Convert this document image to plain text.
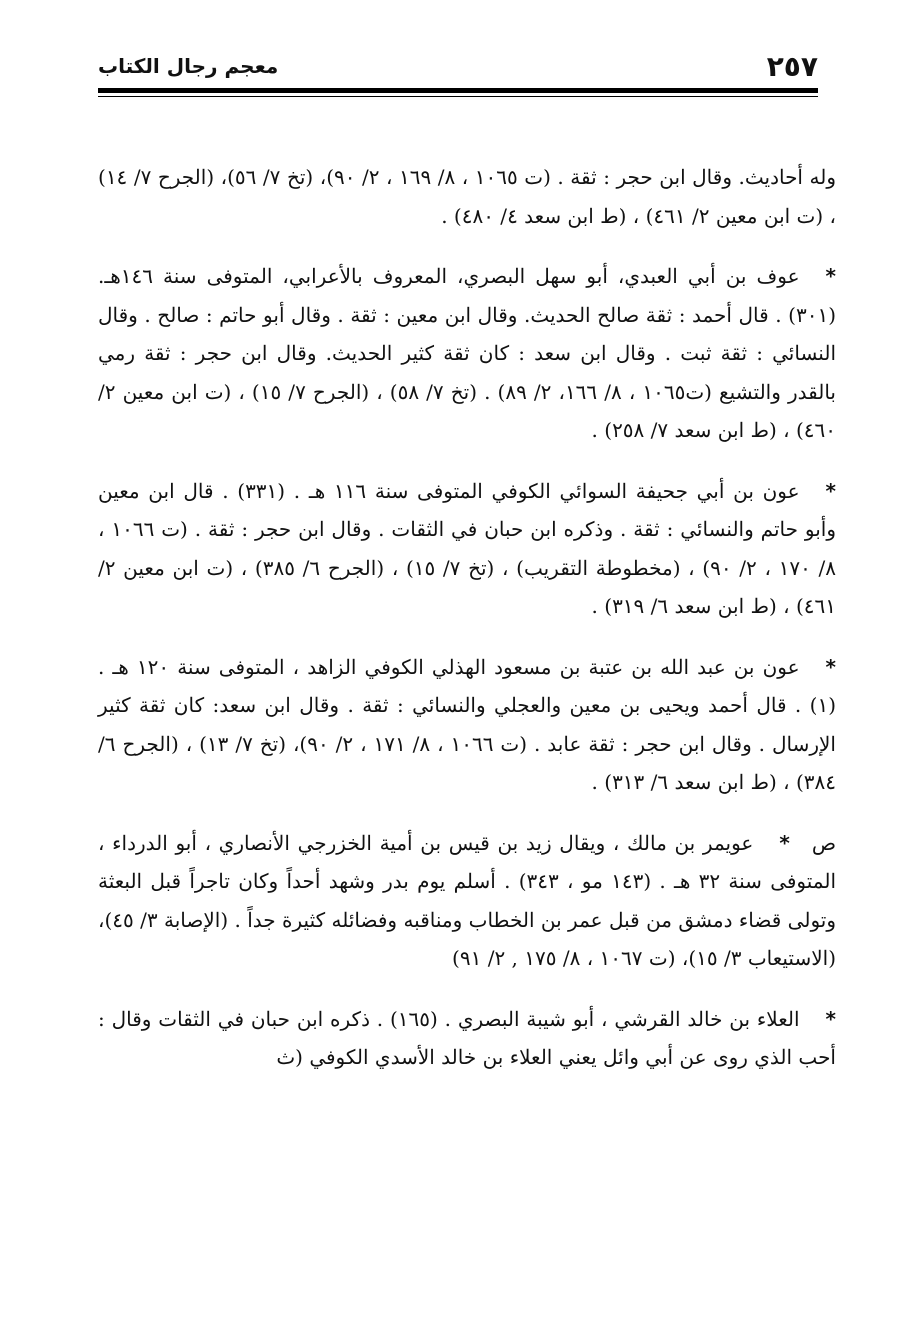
٢٥٧
معجم رجال الكتاب

وله أحاديث. وقال ابن حجر : ثقة . (ت ١٠٦٥ ، ٨/ ١٦٩ ، ٢/ ٩٠)، (تخ ٧/ ٥٦)، (الجرح ٧/ ١٤) ، (ت ابن معين ٢/ ٤٦١) ، (ط ابن سعد ٤/ ٤٨٠) .

*عوف بن أبي العبدي، أبو سهل البصري، المعروف بالأعرابي، المتوفى سنة ١٤٦هـ. (٣٠١) . قال أحمد : ثقة صالح الحديث. وقال ابن معين : ثقة . وقال أبو حاتم : صالح . وقال النسائي : ثقة ثبت . وقال ابن سعد : كان ثقة كثير الحديث. وقال ابن حجر : ثقة رمي بالقدر والتشيع (ت١٠٦٥ ، ٨/ ١٦٦، ٢/ ٨٩) . (تخ ٧/ ٥٨) ، (الجرح ٧/ ١٥) ، (ت ابن معين ٢/ ٤٦٠) ، (ط ابن سعد ٧/ ٢٥٨) .

*عون بن أبي جحيفة السوائي الكوفي المتوفى سنة ١١٦ هـ . (٣٣١) . قال ابن معين وأبو حاتم والنسائي : ثقة . وذكره ابن حبان في الثقات . وقال ابن حجر : ثقة . (ت ١٠٦٦ ، ٨/ ١٧٠ ، ٢/ ٩٠) ، (مخطوطة التقريب) ، (تخ ٧/ ١٥) ، (الجرح ٦/ ٣٨٥) ، (ت ابن معين ٢/ ٤٦١) ، (ط ابن سعد ٦/ ٣١٩) .

*عون بن عبد الله بن عتبة بن مسعود الهذلي الكوفي الزاهد ، المتوفى سنة ١٢٠ هـ . (١) . قال أحمد ويحيى بن معين والعجلي والنسائي : ثقة . وقال ابن سعد: كان ثقة كثير الإرسال . وقال ابن حجر : ثقة عابد . (ت ١٠٦٦ ، ٨/ ١٧١ ، ٢/ ٩٠)، (تخ ٧/ ١٣) ، (الجرح ٦/ ٣٨٤) ، (ط ابن سعد ٦/ ٣١٣) .

ص*عويمر بن مالك ، ويقال زيد بن قيس بن أمية الخزرجي الأنصاري ، أبو الدرداء ، المتوفى سنة ٣٢ هـ . (١٤٣ مو ، ٣٤٣) . أسلم يوم بدر وشهد أحداً وكان تاجراً قبل البعثة وتولى قضاء دمشق من قبل عمر بن الخطاب ومناقبه وفضائله كثيرة جداً . (الإصابة ٣/ ٤٥)، (الاستيعاب ٣/ ١٥)، (ت ١٠٦٧ ، ٨/ ١٧٥ , ٢/ ٩١)

*العلاء بن خالد القرشي ، أبو شيبة البصري . (١٦٥) . ذكره ابن حبان في الثقات وقال : أحب الذي روى عن أبي وائل يعني العلاء بن خالد الأسدي الكوفي (ث
